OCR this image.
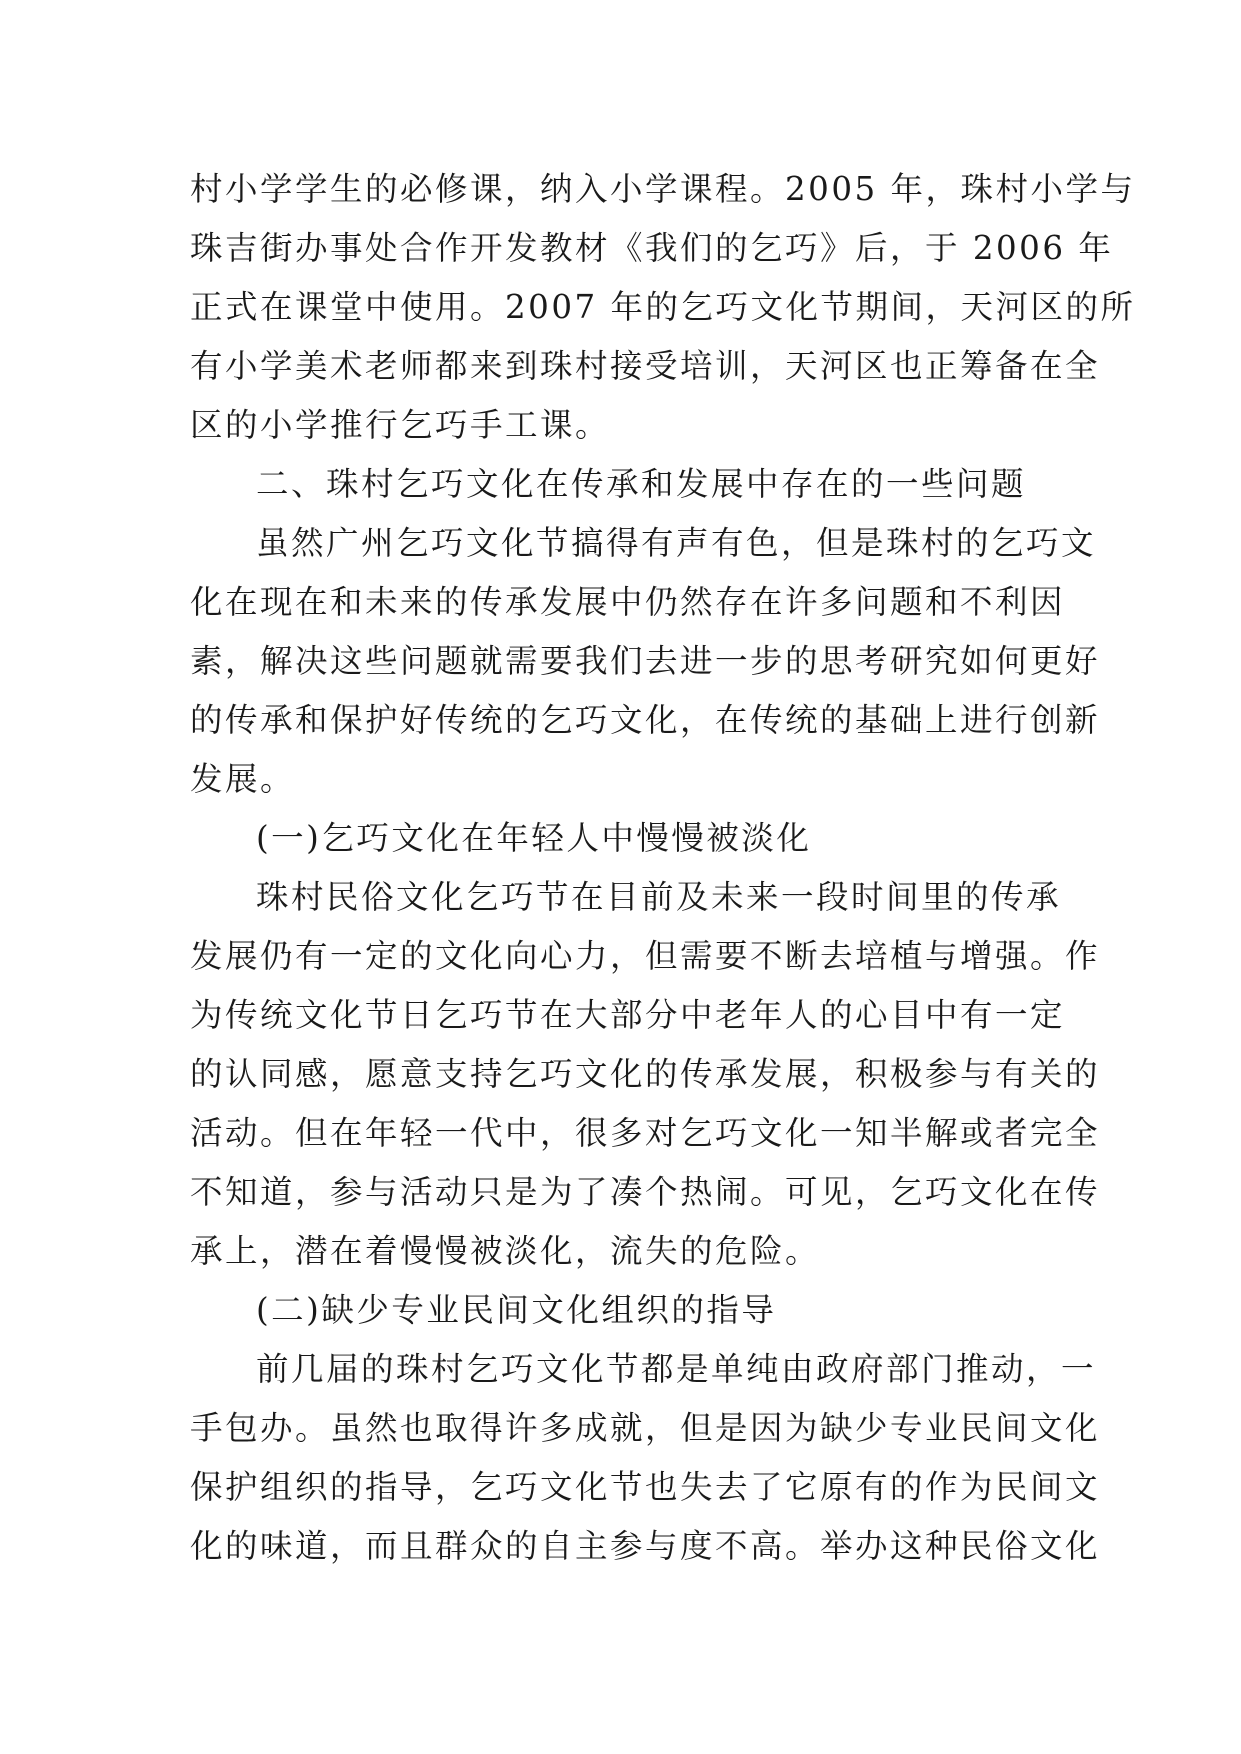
村小学学生的必修课，纳入小学课程。2005 年，珠村小学与
珠吉街办事处合作开发教材《我们的乞巧》后，于 2006 年
正式在课堂中使用。2007 年的乞巧文化节期间，天河区的所
有小学美术老师都来到珠村接受培训，天河区也正筹备在全
区的小学推行乞巧手工课。
二、珠村乞巧文化在传承和发展中存在的一些问题
虽然广州乞巧文化节搞得有声有色，但是珠村的乞巧文
化在现在和未来的传承发展中仍然存在许多问题和不利因
素，解决这些问题就需要我们去进一步的思考研究如何更好
的传承和保护好传统的乞巧文化，在传统的基础上进行创新
发展。
(一)乞巧文化在年轻人中慢慢被淡化
珠村民俗文化乞巧节在目前及未来一段时间里的传承
发展仍有一定的文化向心力，但需要不断去培植与增强。作
为传统文化节日乞巧节在大部分中老年人的心目中有一定
的认同感，愿意支持乞巧文化的传承发展，积极参与有关的
活动。但在年轻一代中，很多对乞巧文化一知半解或者完全
不知道，参与活动只是为了凑个热闹。可见，乞巧文化在传
承上，潜在着慢慢被淡化，流失的危险。
(二)缺少专业民间文化组织的指导
前几届的珠村乞巧文化节都是单纯由政府部门推动，一
手包办。虽然也取得许多成就，但是因为缺少专业民间文化
保护组织的指导，乞巧文化节也失去了它原有的作为民间文
化的味道，而且群众的自主参与度不高。举办这种民俗文化
